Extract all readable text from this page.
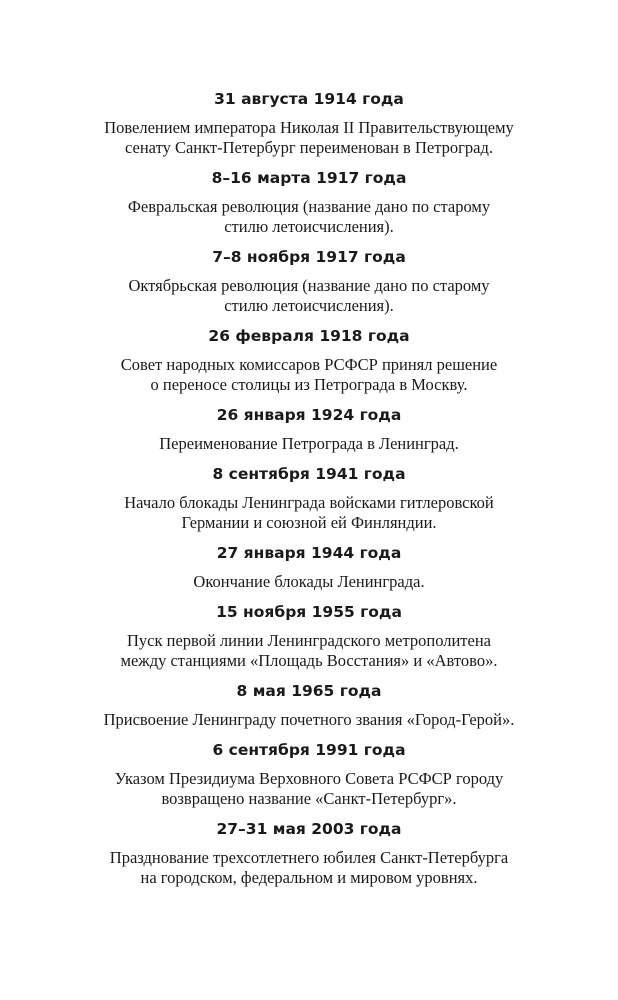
31 августа 1914 года

Повелением императора Николая II Правительствующему
сенату Санкт-Петербург переименован в Петроград.

8–16 марта 1917 года

Февральская революция (название дано по старому
стилю летоисчисления).

7–8 ноября 1917 года

Октябрьская революция (название дано по старому
стилю летоисчисления).

26 февраля 1918 года

Совет народных комиссаров РСФСР принял решение
о переносе столицы из Петрограда в Москву.

26 января 1924 года

Переименование Петрограда в Ленинград.

8 сентября 1941 года

Начало блокады Ленинграда войсками гитлеровской
Германии и союзной ей Финляндии.

27 января 1944 года

Окончание блокады Ленинграда.

15 ноября 1955 года

Пуск первой линии Ленинградского метрополитена
между станциями «Площадь Восстания» и «Автово».

8 мая 1965 года

Присвоение Ленинграду почетного звания «Город-Герой».

6 сентября 1991 года

Указом Президиума Верховного Совета РСФСР городу
возвращено название «Санкт-Петербург».

27–31 мая 2003 года

Празднование трехсотлетнего юбилея Санкт-Петербурга
на городском, федеральном и мировом уровнях.
